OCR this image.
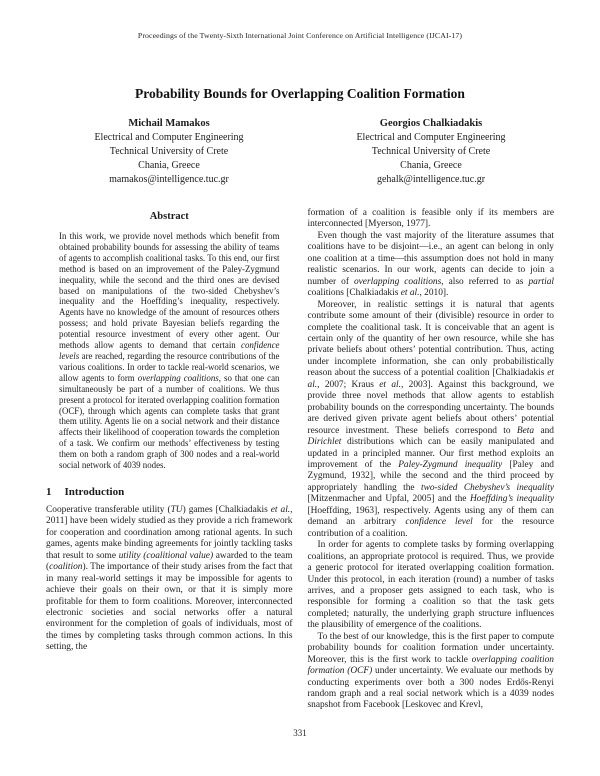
Proceedings of the Twenty-Sixth International Joint Conference on Artificial Intelligence (IJCAI-17)
Probability Bounds for Overlapping Coalition Formation
Michail Mamakos
Electrical and Computer Engineering
Technical University of Crete
Chania, Greece
mamakos@intelligence.tuc.gr
Georgios Chalkiadakis
Electrical and Computer Engineering
Technical University of Crete
Chania, Greece
gehalk@intelligence.tuc.gr
Abstract

In this work, we provide novel methods which benefit from obtained probability bounds for assessing the ability of teams of agents to accomplish coalitional tasks. To this end, our first method is based on an improvement of the Paley-Zygmund inequality, while the second and the third ones are devised based on manipulations of the two-sided Chebyshev’s inequality and the Hoeffding’s inequality, respectively. Agents have no knowledge of the amount of resources others possess; and hold private Bayesian beliefs regarding the potential resource investment of every other agent. Our methods allow agents to demand that certain confidence levels are reached, regarding the resource contributions of the various coalitions. In order to tackle real-world scenarios, we allow agents to form overlapping coalitions, so that one can simultaneously be part of a number of coalitions. We thus present a protocol for iterated overlapping coalition formation (OCF), through which agents can complete tasks that grant them utility. Agents lie on a social network and their distance affects their likelihood of cooperation towards the completion of a task. We confirm our methods’ effectiveness by testing them on both a random graph of 300 nodes and a real-world social network of 4039 nodes.

1 Introduction

Cooperative transferable utility (TU) games [Chalkiadakis et al., 2011] have been widely studied as they provide a rich framework for cooperation and coordination among rational agents. In such games, agents make binding agreements for jointly tackling tasks that result to some utility (coalitional value) awarded to the team (coalition). The importance of their study arises from the fact that in many real-world settings it may be impossible for agents to achieve their goals on their own, or that it is simply more profitable for them to form coalitions. Moreover, interconnected electronic societies and social networks offer a natural environment for the completion of goals of individuals, most of the times by completing tasks through common actions. In this setting, the

formation of a coalition is feasible only if its members are interconnected [Myerson, 1977].

Even though the vast majority of the literature assumes that coalitions have to be disjoint—i.e., an agent can belong in only one coalition at a time—this assumption does not hold in many realistic scenarios. In our work, agents can decide to join a number of overlapping coalitions, also referred to as partial coalitions [Chalkiadakis et al., 2010].

Moreover, in realistic settings it is natural that agents contribute some amount of their (divisible) resource in order to complete the coalitional task. It is conceivable that an agent is certain only of the quantity of her own resource, while she has private beliefs about others’ potential contribution. Thus, acting under incomplete information, she can only probabilistically reason about the success of a potential coalition [Chalkiadakis et al., 2007; Kraus et al., 2003]. Against this background, we provide three novel methods that allow agents to establish probability bounds on the corresponding uncertainty. The bounds are derived given private agent beliefs about others’ potential resource investment. These beliefs correspond to Beta and Dirichlet distributions which can be easily manipulated and updated in a principled manner. Our first method exploits an improvement of the Paley-Zygmund inequality [Paley and Zygmund, 1932], while the second and the third proceed by appropriately handling the two-sided Chebyshev’s inequality [Mitzenmacher and Upfal, 2005] and the Hoeffding’s inequality [Hoeffding, 1963], respectively. Agents using any of them can demand an arbitrary confidence level for the resource contribution of a coalition.

In order for agents to complete tasks by forming overlapping coalitions, an appropriate protocol is required. Thus, we provide a generic protocol for iterated overlapping coalition formation. Under this protocol, in each iteration (round) a number of tasks arrives, and a proposer gets assigned to each task, who is responsible for forming a coalition so that the task gets completed; naturally, the underlying graph structure influences the plausibility of emergence of the coalitions.

To the best of our knowledge, this is the first paper to compute probability bounds for coalition formation under uncertainty. Moreover, this is the first work to tackle overlapping coalition formation (OCF) under uncertainty. We evaluate our methods by conducting experiments over both a 300 nodes Erdős-Renyi random graph and a real social network which is a 4039 nodes snapshot from Facebook [Leskovec and Krevl,

331
